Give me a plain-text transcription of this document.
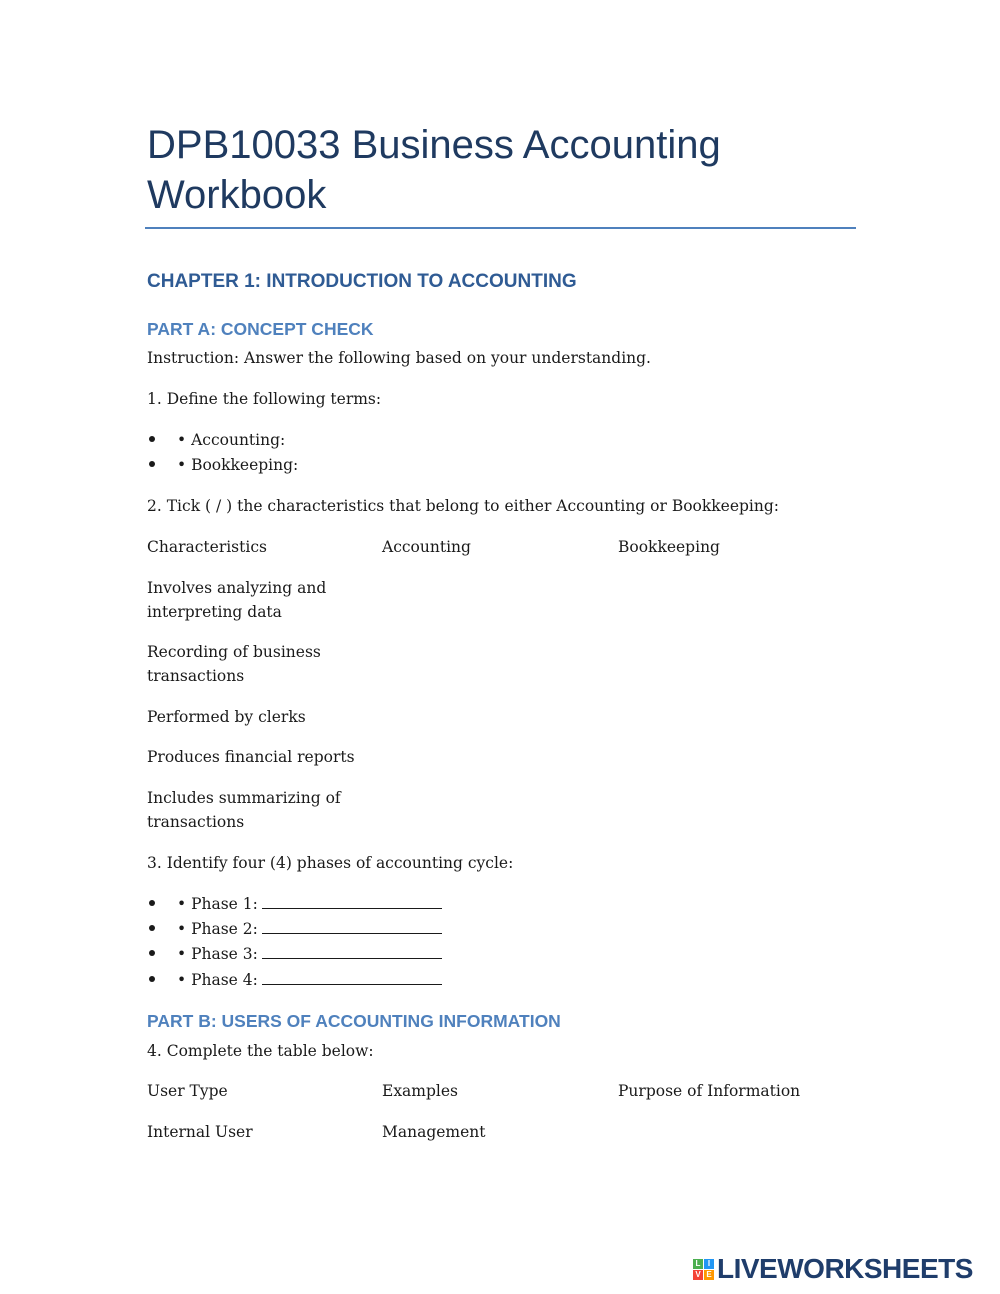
DPB10033 Business Accounting Workbook
CHAPTER 1: INTRODUCTION TO ACCOUNTING
PART A: CONCEPT CHECK
Instruction: Answer the following based on your understanding.
1. Define the following terms:
• Accounting:
• Bookkeeping:
2. Tick ( / ) the characteristics that belong to either Accounting or Bookkeeping:
Characteristics	Accounting	Bookkeeping
Involves analyzing and interpreting data
Recording of business transactions
Performed by clerks
Produces financial reports
Includes summarizing of transactions
3. Identify four (4) phases of accounting cycle:
• Phase 1:
• Phase 2:
• Phase 3:
• Phase 4:
PART B: USERS OF ACCOUNTING INFORMATION
4. Complete the table below:
User Type	Examples	Purpose of Information
Internal User	Management
L I
V E LIVEWORKSHEETS
